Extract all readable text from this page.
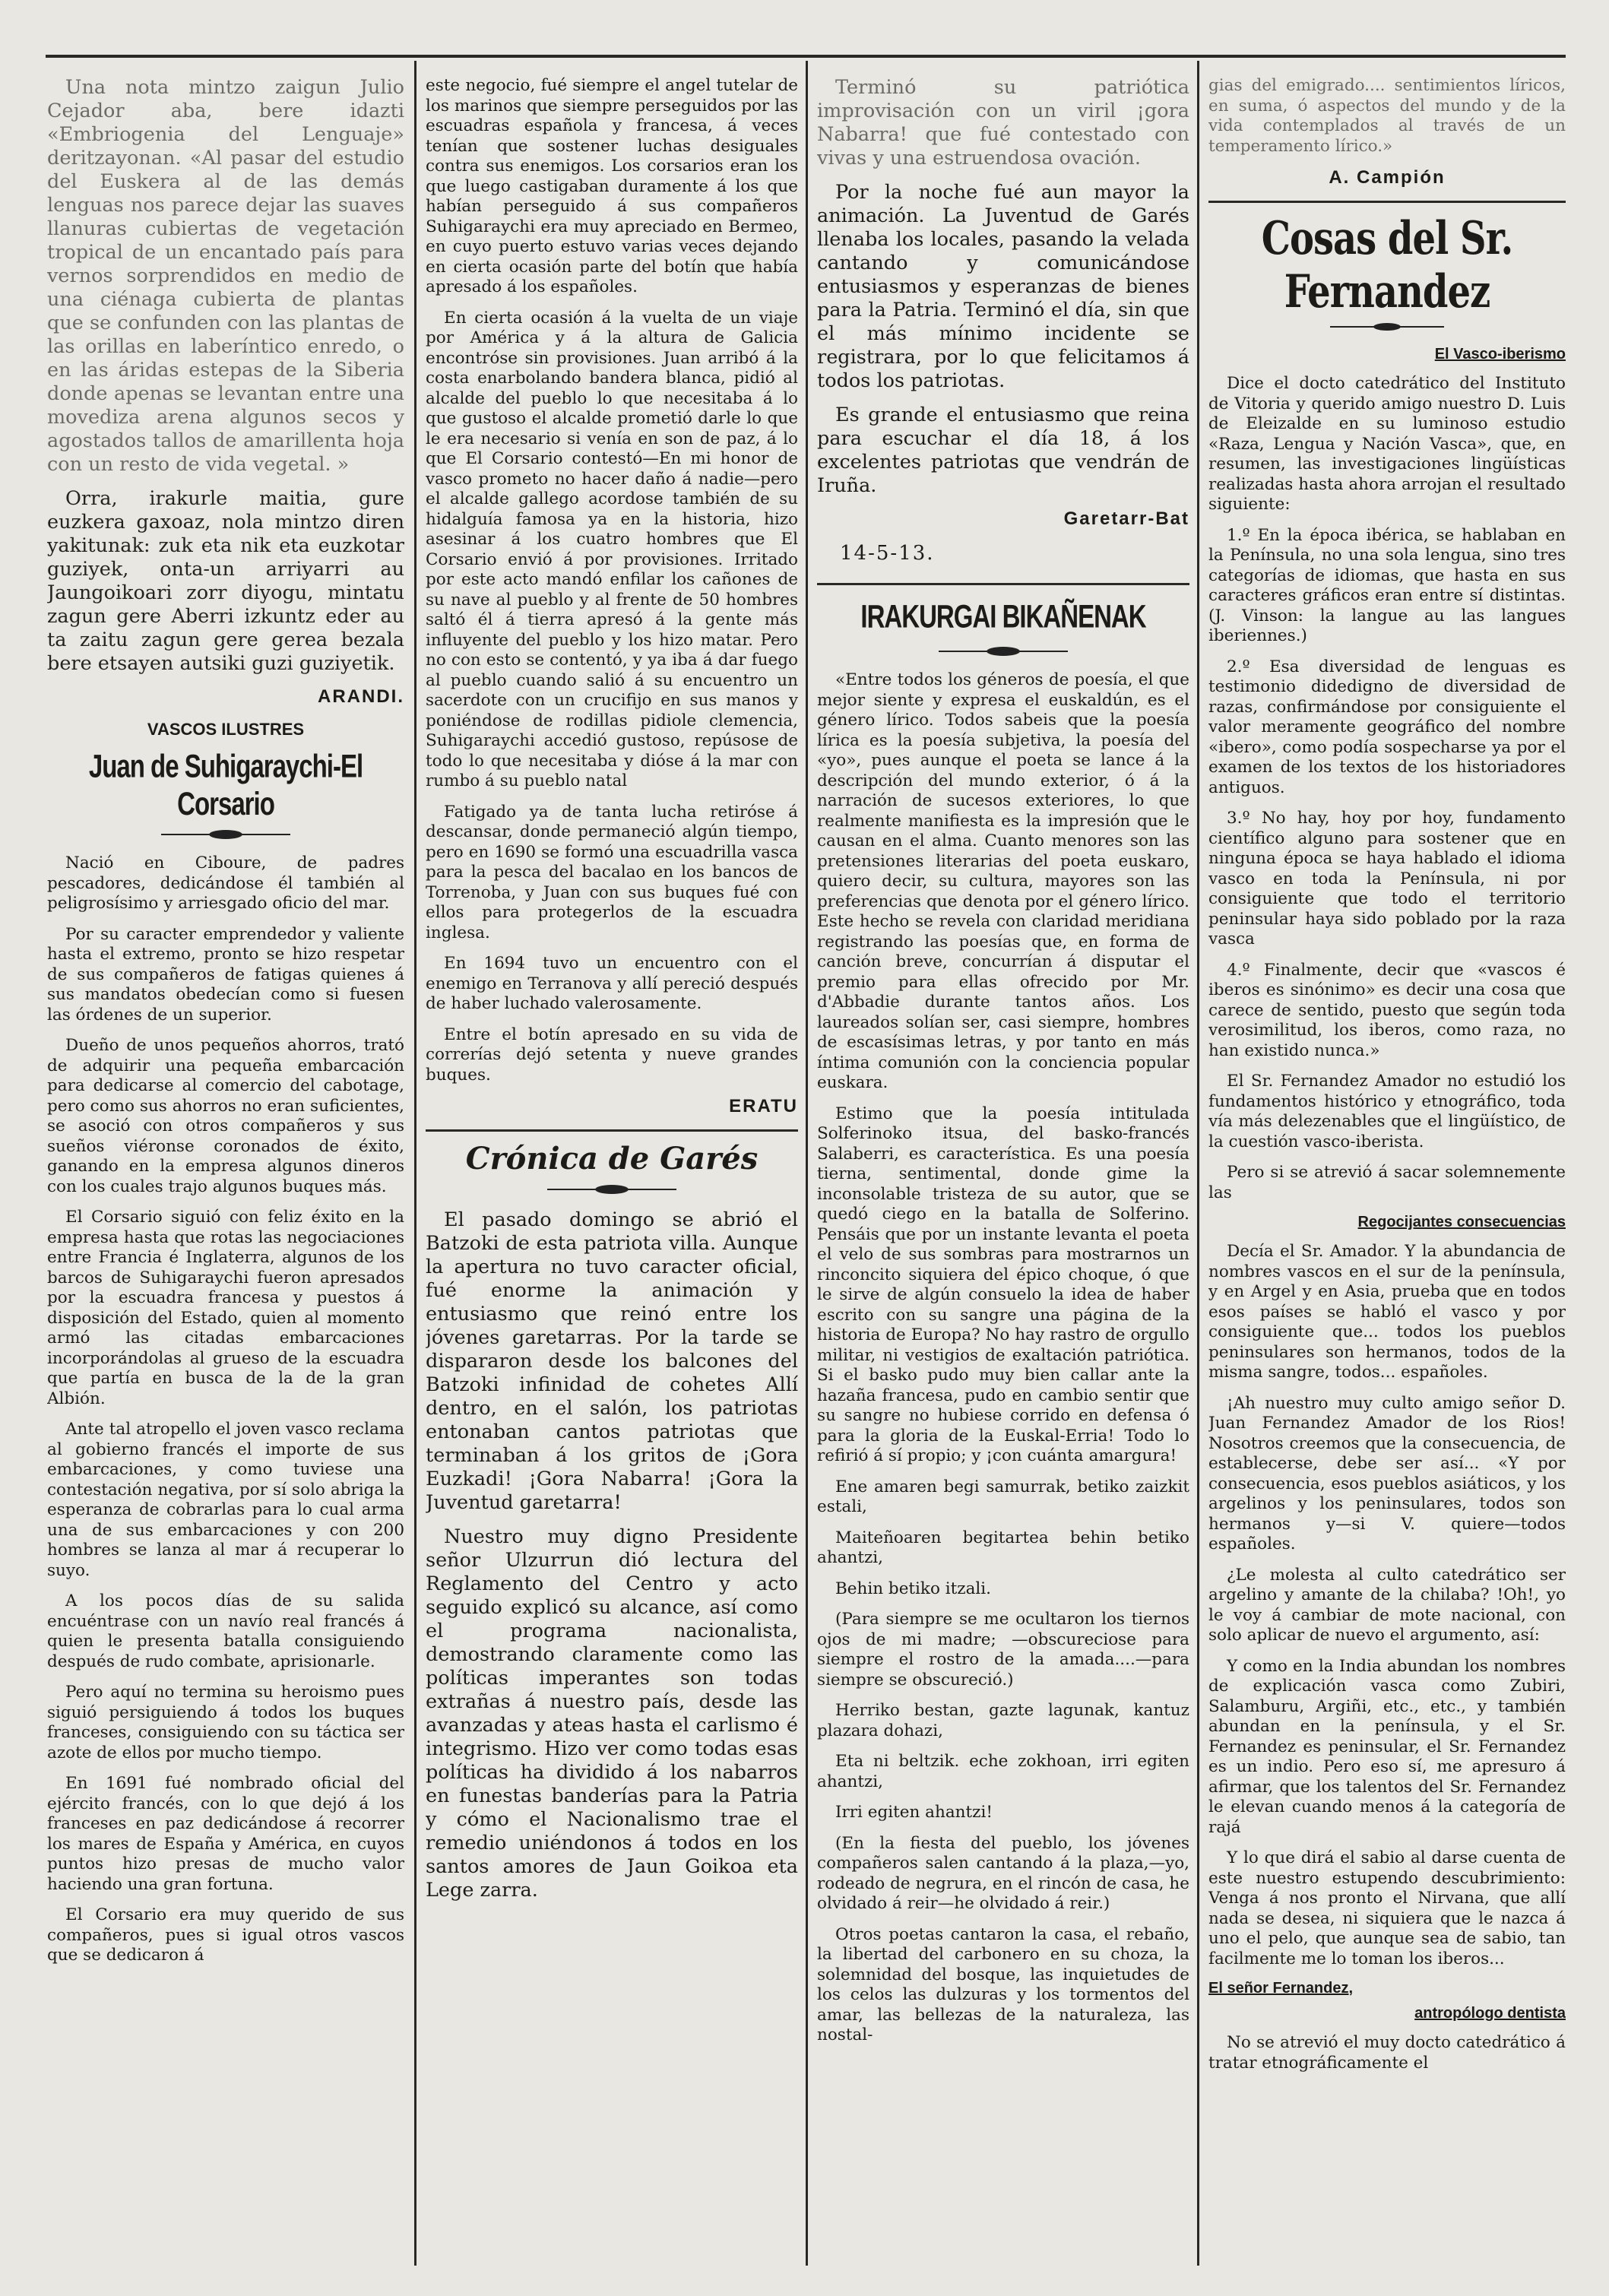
Una nota mintzo zaigun Julio Cejador aba, bere idazti «Embriogenia del Lenguaje» deritzayonan. «Al pasar del estudio del Euskera al de las demás lenguas nos parece dejar las suaves llanuras cubiertas de vegetación tropical de un encantado país para vernos sorprendidos en medio de una ciénaga cubierta de plantas que se confunden con las plantas de las orillas en laberíntico enredo, o en las áridas estepas de la Siberia donde apenas se levantan entre una movediza arena algunos secos y agostados tallos de amarillenta hoja con un resto de vida vegetal. »

Orra, irakurle maitia, gure euzkera gaxoaz, nola mintzo diren yakitunak: zuk eta nik eta euzkotar guziyek, onta-un arriyarri au Jaungoikoari zorr diyogu, mintatu zagun gere Aberri izkuntz eder au ta zaitu zagun gere gerea bezala bere etsayen autsiki guzi guziyetik.

ARANDI.
VASCOS ILUSTRES
Juan de Suhigaraychi-El Corsario

Nació en Ciboure, de padres pescadores, dedicándose él también al peligrosísimo y arriesgado oficio del mar.

Por su caracter emprendedor y valiente hasta el extremo, pronto se hizo respetar de sus compañeros de fatigas quienes á sus mandatos obedecían como si fuesen las órdenes de un superior.

Dueño de unos pequeños ahorros, trató de adquirir una pequeña embarcación para dedicarse al comercio del cabotage, pero como sus ahorros no eran suficientes, se asoció con otros compañeros y sus sueños viéronse coronados de éxito, ganando en la empresa algunos dineros con los cuales trajo algunos buques más.

El Corsario siguió con feliz éxito en la empresa hasta que rotas las negociaciones entre Francia é Inglaterra, algunos de los barcos de Suhigaraychi fueron apresados por la escuadra francesa y puestos á disposición del Estado, quien al momento armó las citadas embarcaciones incorporándolas al grueso de la escuadra que partía en busca de la de la gran Albión.

Ante tal atropello el joven vasco reclama al gobierno francés el importe de sus embarcaciones, y como tuviese una contestación negativa, por sí solo abriga la esperanza de cobrarlas para lo cual arma una de sus embarcaciones y con 200 hombres se lanza al mar á recuperar lo suyo.

A los pocos días de su salida encuéntrase con un navío real francés á quien le presenta batalla consiguiendo después de rudo combate, aprisionarle.

Pero aquí no termina su heroismo pues siguió persiguiendo á todos los buques franceses, consiguiendo con su táctica ser azote de ellos por mucho tiempo.

En 1691 fué nombrado oficial del ejército francés, con lo que dejó á los franceses en paz dedicándose á recorrer los mares de España y América, en cuyos puntos hizo presas de mucho valor haciendo una gran fortuna.

El Corsario era muy querido de sus compañeros, pues si igual otros vascos que se dedicaron á

este negocio, fué siempre el angel tutelar de los marinos que siempre perseguidos por las escuadras española y francesa, á veces tenían que sostener luchas desiguales contra sus enemigos. Los corsarios eran los que luego castigaban duramente á los que habían perseguido á sus compañeros Suhigaraychi era muy apreciado en Bermeo, en cuyo puerto estuvo varias veces dejando en cierta ocasión parte del botín que había apresado á los españoles.

En cierta ocasión á la vuelta de un viaje por América y á la altura de Galicia encontróse sin provisiones. Juan arribó á la costa enarbolando bandera blanca, pidió al alcalde del pueblo lo que necesitaba á lo que gustoso el alcalde prometió darle lo que le era necesario si venía en son de paz, á lo que El Corsario contestó—En mi honor de vasco prometo no hacer daño á nadie—pero el alcalde gallego acordose también de su hidalguía famosa ya en la historia, hizo asesinar á los cuatro hombres que El Corsario envió á por provisiones. Irritado por este acto mandó enfilar los cañones de su nave al pueblo y al frente de 50 hombres saltó él á tierra apresó á la gente más influyente del pueblo y los hizo matar. Pero no con esto se contentó, y ya iba á dar fuego al pueblo cuando salió á su encuentro un sacerdote con un crucifijo en sus manos y poniéndose de rodillas pidiole clemencia, Suhigaraychi accedió gustoso, repúsose de todo lo que necesitaba y dióse á la mar con rumbo á su pueblo natal

Fatigado ya de tanta lucha retiróse á descansar, donde permaneció algún tiempo, pero en 1690 se formó una escuadrilla vasca para la pesca del bacalao en los bancos de Torrenoba, y Juan con sus buques fué con ellos para protegerlos de la escuadra inglesa.

En 1694 tuvo un encuentro con el enemigo en Terranova y allí pereció después de haber luchado valerosamente.

Entre el botín apresado en su vida de correrías dejó setenta y nueve grandes buques.

ERATU
Crónica de Garés

El pasado domingo se abrió el Batzoki de esta patriota villa. Aunque la apertura no tuvo caracter oficial, fué enorme la animación y entusiasmo que reinó entre los jóvenes garetarras. Por la tarde se dispararon desde los balcones del Batzoki infinidad de cohetes Allí dentro, en el salón, los patriotas entonaban cantos patriotas que terminaban á los gritos de ¡Gora Euzkadi! ¡Gora Nabarra! ¡Gora la Juventud garetarra!

Nuestro muy digno Presidente señor Ulzurrun dió lectura del Reglamento del Centro y acto seguido explicó su alcance, así como el programa nacionalista, demostrando claramente como las políticas imperantes son todas extrañas á nuestro país, desde las avanzadas y ateas hasta el carlismo é integrismo. Hizo ver como todas esas políticas ha dividido á los nabarros en funestas banderías para la Patria y cómo el Nacionalismo trae el remedio uniéndonos á todos en los santos amores de Jaun Goikoa eta Lege zarra.

Terminó su patriótica improvisación con un viril ¡gora Nabarra! que fué contestado con vivas y una estruendosa ovación.

Por la noche fué aun mayor la animación. La Juventud de Garés llenaba los locales, pasando la velada cantando y comunicándose entusiasmos y esperanzas de bienes para la Patria. Terminó el día, sin que el más mínimo incidente se registrara, por lo que felicitamos á todos los patriotas.

Es grande el entusiasmo que reina para escuchar el día 18, á los excelentes patriotas que vendrán de Iruña.

Garetarr-Bat
14-5-13.
IRAKURGAI BIKAÑENAK

«Entre todos los géneros de poesía, el que mejor siente y expresa el euskaldún, es el género lírico. Todos sabeis que la poesía lírica es la poesía subjetiva, la poesía del «yo», pues aunque el poeta se lance á la descripción del mundo exterior, ó á la narración de sucesos exteriores, lo que realmente manifiesta es la impresión que le causan en el alma. Cuanto menores son las pretensiones literarias del poeta euskaro, quiero decir, su cultura, mayores son las preferencias que denota por el género lírico. Este hecho se revela con claridad meridiana registrando las poesías que, en forma de canción breve, concurrían á disputar el premio para ellas ofrecido por Mr. d'Abbadie durante tantos años. Los laureados solían ser, casi siempre, hombres de escasísimas letras, y por tanto en más íntima comunión con la conciencia popular euskara.

Estimo que la poesía intitulada Solferinoko itsua, del basko-francés Salaberri, es característica. Es una poesía tierna, sentimental, donde gime la inconsolable tristeza de su autor, que se quedó ciego en la batalla de Solferino. Pensáis que por un instante levanta el poeta el velo de sus sombras para mostrarnos un rinconcito siquiera del épico choque, ó que le sirve de algún consuelo la idea de haber escrito con su sangre una página de la historia de Europa? No hay rastro de orgullo militar, ni vestigios de exaltación patriótica. Si el basko pudo muy bien callar ante la hazaña francesa, pudo en cambio sentir que su sangre no hubiese corrido en defensa ó para la gloria de la Euskal-Erria! Todo lo refirió á sí propio; y ¡con cuánta amargura!

Ene amaren begi samurrak, betiko zaizkit estali,

Maiteñoaren begitartea behin betiko ahantzi,

Behin betiko itzali.

(Para siempre se me ocultaron los tiernos ojos de mi madre; —obscureciose para siempre el rostro de la amada....—para siempre se obscureció.)

Herriko bestan, gazte lagunak, kantuz plazara dohazi,

Eta ni beltzik. eche zokhoan, irri egiten ahantzi,

Irri egiten ahantzi!

(En la fiesta del pueblo, los jóvenes compañeros salen cantando á la plaza,—yo, rodeado de negrura, en el rincón de casa, he olvidado á reir—he olvidado á reir.)

Otros poetas cantaron la casa, el rebaño, la libertad del carbonero en su choza, la solemnidad del bosque, las inquietudes de los celos las dulzuras y los tormentos del amar, las bellezas de la naturaleza, las nostal-

gias del emigrado.... sentimientos líricos, en suma, ó aspectos del mundo y de la vida contemplados al través de un temperamento lírico.»

A. Campión
Cosas del Sr. Fernandez
El Vasco-iberismo

Dice el docto catedrático del Instituto de Vitoria y querido amigo nuestro D. Luis de Eleizalde en su luminoso estudio «Raza, Lengua y Nación Vasca», que, en resumen, las investigaciones lingüísticas realizadas hasta ahora arrojan el resultado siguiente:

1.º En la época ibérica, se hablaban en la Península, no una sola lengua, sino tres categorías de idiomas, que hasta en sus caracteres gráficos eran entre sí distintas. (J. Vinson: la langue au las langues iberiennes.)

2.º Esa diversidad de lenguas es testimonio didedigno de diversidad de razas, confirmándose por consiguiente el valor meramente geográfico del nombre «ibero», como podía sospecharse ya por el examen de los textos de los historiadores antiguos.

3.º No hay, hoy por hoy, fundamento científico alguno para sostener que en ninguna época se haya hablado el idioma vasco en toda la Península, ni por consiguiente que todo el territorio peninsular haya sido poblado por la raza vasca

4.º Finalmente, decir que «vascos é iberos es sinónimo» es decir una cosa que carece de sentido, puesto que según toda verosimilitud, los iberos, como raza, no han existido nunca.»

El Sr. Fernandez Amador no estudió los fundamentos histórico y etnográfico, toda vía más delezenables que el lingüístico, de la cuestión vasco-iberista.

Pero si se atrevió á sacar solemnemente las

Regocijantes consecuencias

Decía el Sr. Amador. Y la abundancia de nombres vascos en el sur de la península, y en Argel y en Asia, prueba que en todos esos países se habló el vasco y por consiguiente que... todos los pueblos peninsulares son hermanos, todos de la misma sangre, todos... españoles.

¡Ah nuestro muy culto amigo señor D. Juan Fernandez Amador de los Rios! Nosotros creemos que la consecuencia, de establecerse, debe ser así... «Y por consecuencia, esos pueblos asiáticos, y los argelinos y los peninsulares, todos son hermanos y—si V. quiere—todos españoles.

¿Le molesta al culto catedrático ser argelino y amante de la chilaba? !Oh!, yo le voy á cambiar de mote nacional, con solo aplicar de nuevo el argumento, así:

Y como en la India abundan los nombres de explicación vasca como Zubiri, Salamburu, Argiñi, etc., etc., y también abundan en la península, y el Sr. Fernandez es peninsular, el Sr. Fernandez es un indio. Pero eso sí, me apresuro á afirmar, que los talentos del Sr. Fernandez le elevan cuando menos á la categoría de rajá

Y lo que dirá el sabio al darse cuenta de este nuestro estupendo descubrimiento: Venga á nos pronto el Nirvana, que allí nada se desea, ni siquiera que le nazca á uno el pelo, que aunque sea de sabio, tan facilmente me lo toman los iberos...

El señor Fernandez,
antropólogo dentista

No se atrevió el muy docto catedrático á tratar etnográficamente el
